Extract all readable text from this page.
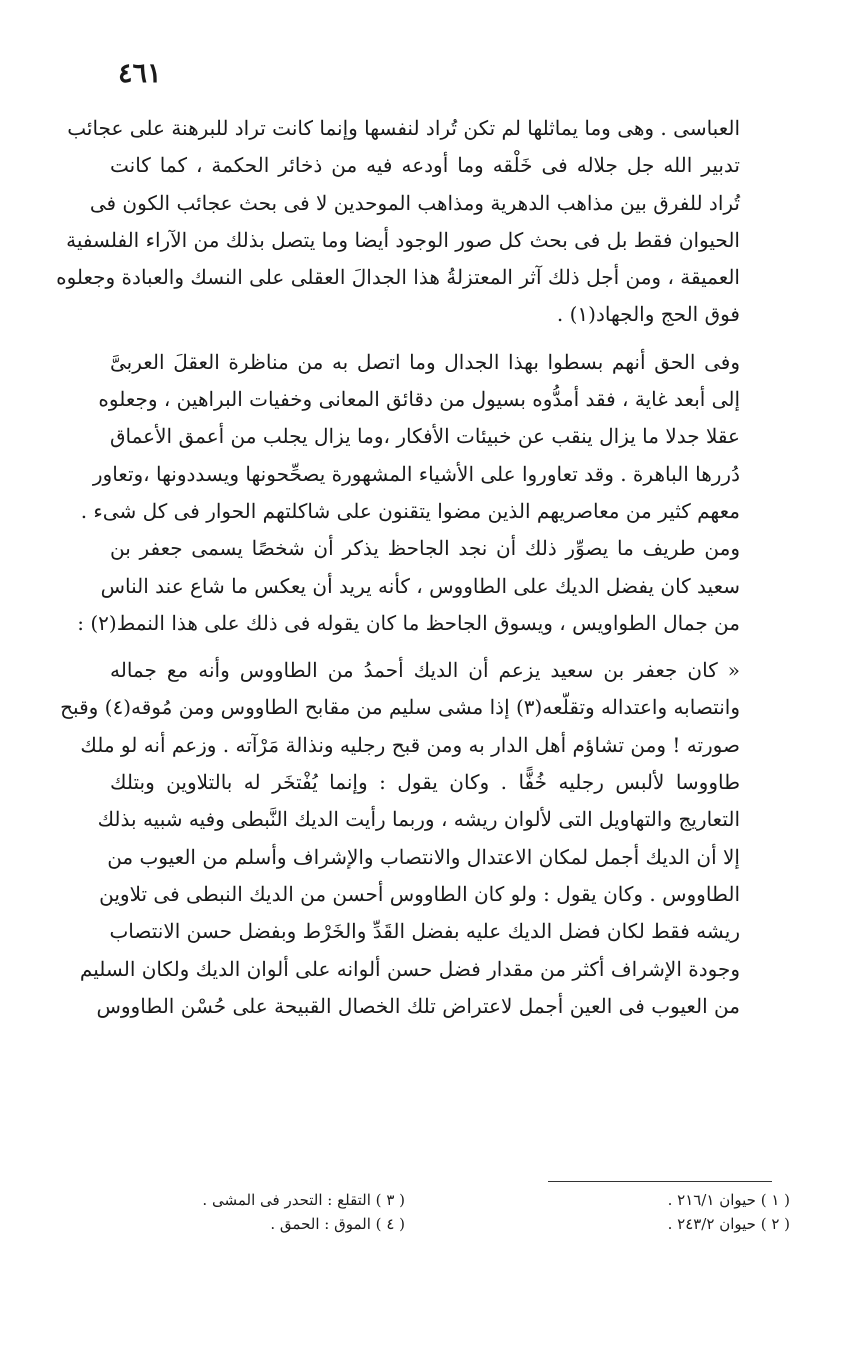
٤٦١
العباسى . وهى وما يماثلها لم تكن تُراد لنفسها وإنما كانت تراد للبرهنة على عجائب
تدبير الله جل جلاله فى خَلْقه وما أودعه فيه من ذخائر الحكمة ، كما كانت
تُراد للفرق بين مذاهب الدهرية ومذاهب الموحدين لا فى بحث عجائب الكون فى
الحيوان فقط بل فى بحث كل صور الوجود أيضا وما يتصل بذلك من الآراء الفلسفية
العميقة ، ومن أجل ذلك آثر المعتزلةُ هذا الجدالَ العقلى على النسك والعبادة وجعلوه
فوق الحج والجهاد(١) .
وفى الحق أنهم بسطوا بهذا الجدال وما اتصل به من مناظرة العقلَ العربىَّ
إلى أبعد غاية ، فقد أمدُّوه بسيول من دقائق المعانى وخفيات البراهين ، وجعلوه
عقلا جدلا ما يزال ينقب عن خبيئات الأفكار ،وما يزال يجلب من أعمق الأعماق
دُررها الباهرة . وقد تعاوروا على الأشياء المشهورة يصحِّحونها ويسددونها ،وتعاور
معهم كثير من معاصريهم الذين مضوا يتقنون على شاكلتهم الحوار فى كل شىء .
ومن طريف ما يصوِّر ذلك أن نجد الجاحظ يذكر أن شخصًا يسمى جعفر بن
سعيد كان يفضل الديك على الطاووس ، كأنه يريد أن يعكس ما شاع عند الناس
من جمال الطواويس ، ويسوق الجاحظ ما كان يقوله فى ذلك على هذا النمط(٢) :
« كان جعفر بن سعيد يزعم أن الديك أحمدُ من الطاووس وأنه مع جماله
وانتصابه واعتداله وتقلّعه(٣) إذا مشى سليم من مقابح الطاووس ومن مُوقه(٤) وقبح
صورته ! ومن تشاؤم أهل الدار به ومن قبح رجليه ونذالة مَرْآته . وزعم أنه لو ملك
طاووسا لألبس رجليه خُفًّا . وكان يقول : وإنما يُفْتخَر له بالتلاوين وبتلك
التعاريج والتهاويل التى لألوان ريشه ، وربما رأيت الديك النَّبطى وفيه شبيه بذلك
إلا أن الديك أجمل لمكان الاعتدال والانتصاب والإشراف وأسلم من العيوب من
الطاووس . وكان يقول : ولو كان الطاووس أحسن من الديك النبطى فى تلاوين
ريشه فقط لكان فضل الديك عليه بفضل القَدِّ والخَرْط وبفضل حسن الانتصاب
وجودة الإشراف أكثر من مقدار فضل حسن ألوانه على ألوان الديك ولكان السليم
من العيوب فى العين أجمل لاعتراض تلك الخصال القبيحة على حُسْن الطاووس
( ١ ) حيوان ٢١٦/١ .
( ٢ ) حيوان ٢٤٣/٢ .
( ٣ ) التقلع : التحدر فى المشى .
( ٤ ) الموق : الحمق .
